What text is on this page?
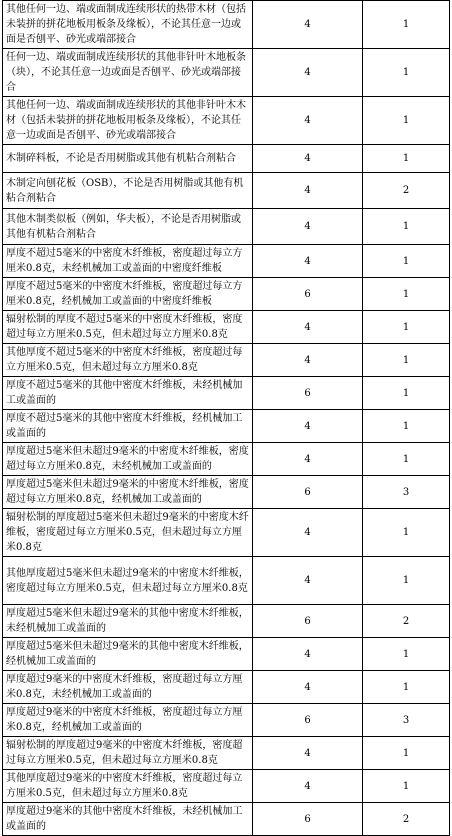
其他任何一边、端或面制成连续形状的热带木材（包括未装拼的拼花地板用板条及缘板），不论其任意一边或面是否刨平、砂光或端部接合	4	1
任何一边、端或面制成连续形状的其他非针叶木地板条（块），不论其任意一边或面是否刨平、砂光或端部接合	4	1
其他任何一边、端或面制成连续形状的其他非针叶木木材（包括未装拼的拼花地板用板条及缘板），不论其任意一边或面是否刨平、砂光或端部接合	4	1
木制碎料板，不论是否用树脂或其他有机粘合剂粘合	4	1
木制定向刨花板（OSB），不论是否用树脂或其他有机粘合剂粘合	4	2
其他木制类似板（例如，华夫板），不论是否用树脂或其他有机粘合剂粘合	4	1
厚度不超过5毫米的中密度木纤维板，密度超过每立方厘米0.8克，未经机械加工或盖面的中密度纤维板	4	1
厚度不超过5毫米的中密度木纤维板，密度超过每立方厘米0.8克，经机械加工或盖面的中密度纤维板	6	1
辐射松制的厚度不超过5毫米的中密度木纤维板，密度超过每立方厘米0.5克，但未超过每立方厘米0.8克	4	1
其他厚度不超过5毫米的中密度木纤维板，密度超过每立方厘米0.5克，但未超过每立方厘米0.8克	4	1
厚度不超过5毫米的其他中密度木纤维板，未经机械加工或盖面的	6	1
厚度不超过5毫米的其他中密度木纤维板，经机械加工或盖面的	4	1
厚度超过5毫米但未超过9毫米的中密度木纤维板，密度超过每立方厘米0.8克，未经机械加工或盖面的	4	1
厚度超过5毫米但未超过9毫米的中密度木纤维板，密度超过每立方厘米0.8克，经机械加工或盖面的	6	3
辐射松制的厚度超过5毫米但未超过9毫米的中密度木纤维板，密度超过每立方厘米0.5克，但未超过每立方厘米0.8克	4	1
其他厚度超过5毫米但未超过9毫米的中密度木纤维板，密度超过每立方厘米0.5克，但未超过每立方厘米0.8克	4	1
厚度超过5毫米但未超过9毫米的其他中密度木纤维板，未经机械加工或盖面的	6	2
厚度超过5毫米但未超过9毫米的其他中密度木纤维板，经机械加工或盖面的	4	1
厚度超过9毫米的中密度木纤维板，密度超过每立方厘米0.8克，未经机械加工或盖面的	4	1
厚度超过9毫米的中密度木纤维板，密度超过每立方厘米0.8克，经机械加工或盖面的	6	3
辐射松制的厚度超过9毫米的中密度木纤维板，密度超过每立方厘米0.5克，但未超过每立方厘米0.8克	4	1
其他厚度超过9毫米的中密度木纤维板，密度超过每立方厘米0.5克，但未超过每立方厘米0.8克	4	1
厚度超过9毫米的其他中密度木纤维板，未经机械加工或盖面的	6	2
